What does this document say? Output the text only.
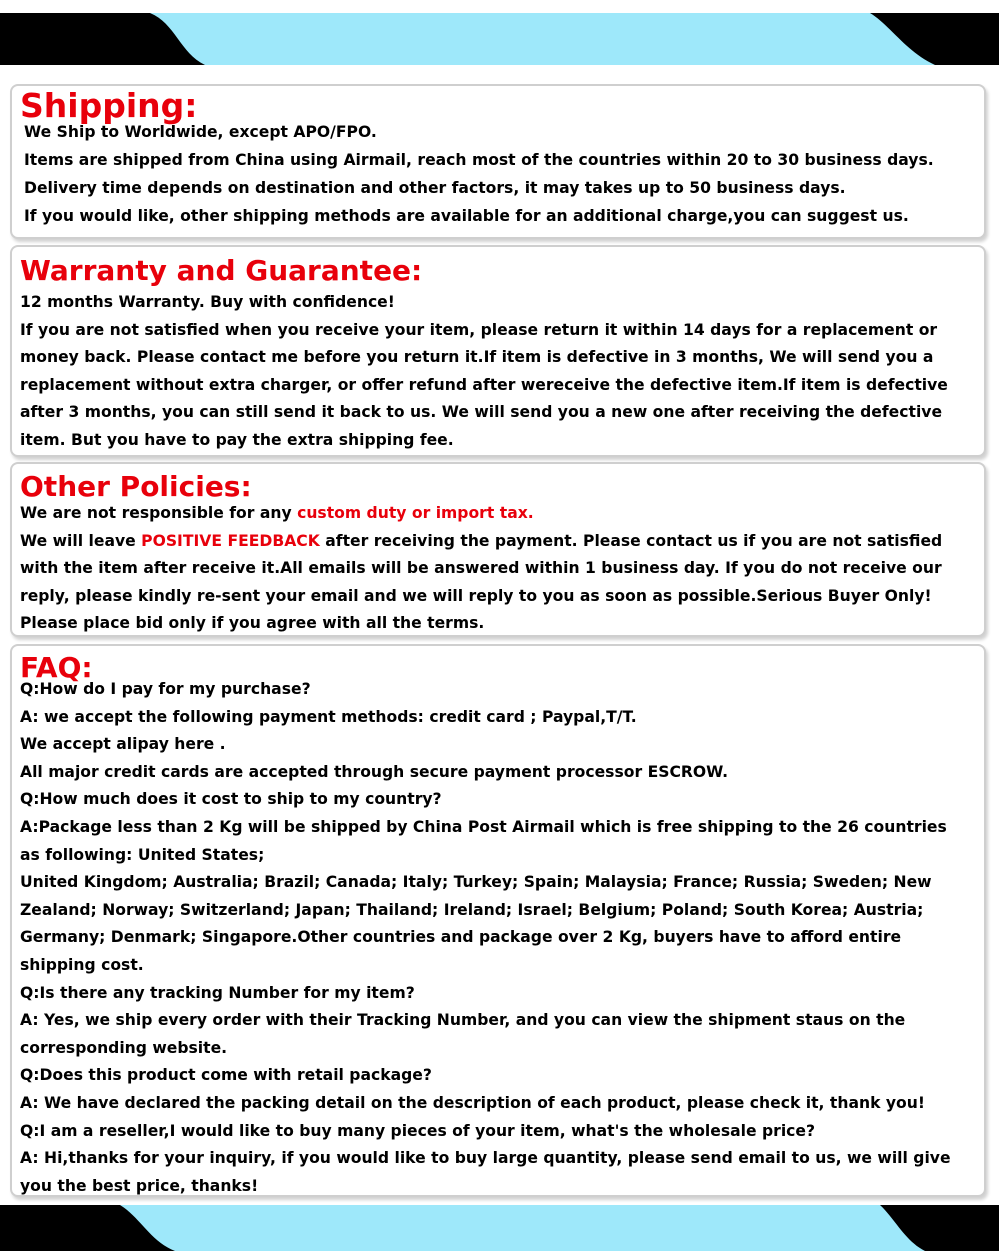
Shipping:
We Ship to Worldwide, except APO/FPO.
Items are shipped from China using Airmail, reach most of the countries within 20 to 30 business days.
Delivery time depends on destination and other factors, it may takes up to 50 business days.
If you would like, other shipping methods are available for an additional charge,you can suggest us.
Warranty and Guarantee:
12 months Warranty. Buy with confidence!
If you are not satisfied when you receive your item, please return it within 14 days for a replacement or
money back. Please contact me before you return it.If item is defective in 3 months, We will send you a
replacement without extra charger, or offer refund after wereceive the defective item.If item is defective
after 3 months, you can still send it back to us. We will send you a new one after receiving the defective
item. But you have to pay the extra shipping fee.
Other Policies:
We are not responsible for any custom duty or import tax.
We will leave POSITIVE FEEDBACK after receiving the payment. Please contact us if you are not satisfied
with the item after receive it.All emails will be answered within 1 business day. If you do not receive our
reply, please kindly re-sent your email and we will reply to you as soon as possible.Serious Buyer Only!
Please place bid only if you agree with all the terms.
FAQ:
Q:How do I pay for my purchase?
A: we accept the following payment methods: credit card ; Paypal,T/T.
We accept alipay here .
All major credit cards are accepted through secure payment processor ESCROW.
Q:How much does it cost to ship to my country?
A:Package less than 2 Kg will be shipped by China Post Airmail which is free shipping to the 26 countries
as following: United States;
United Kingdom; Australia; Brazil; Canada; Italy; Turkey; Spain; Malaysia; France; Russia; Sweden; New
Zealand; Norway; Switzerland; Japan; Thailand; Ireland; Israel; Belgium; Poland; South Korea; Austria;
Germany; Denmark; Singapore.Other countries and package over 2 Kg, buyers have to afford entire
shipping cost.
Q:Is there any tracking Number for my item?
A: Yes, we ship every order with their Tracking Number, and you can view the shipment staus on the
corresponding website.
Q:Does this product come with retail package?
A: We have declared the packing detail on the description of each product, please check it, thank you!
Q:I am a reseller,I would like to buy many pieces of your item, what's the wholesale price?
A: Hi,thanks for your inquiry, if you would like to buy large quantity, please send email to us, we will give
you the best price, thanks!
